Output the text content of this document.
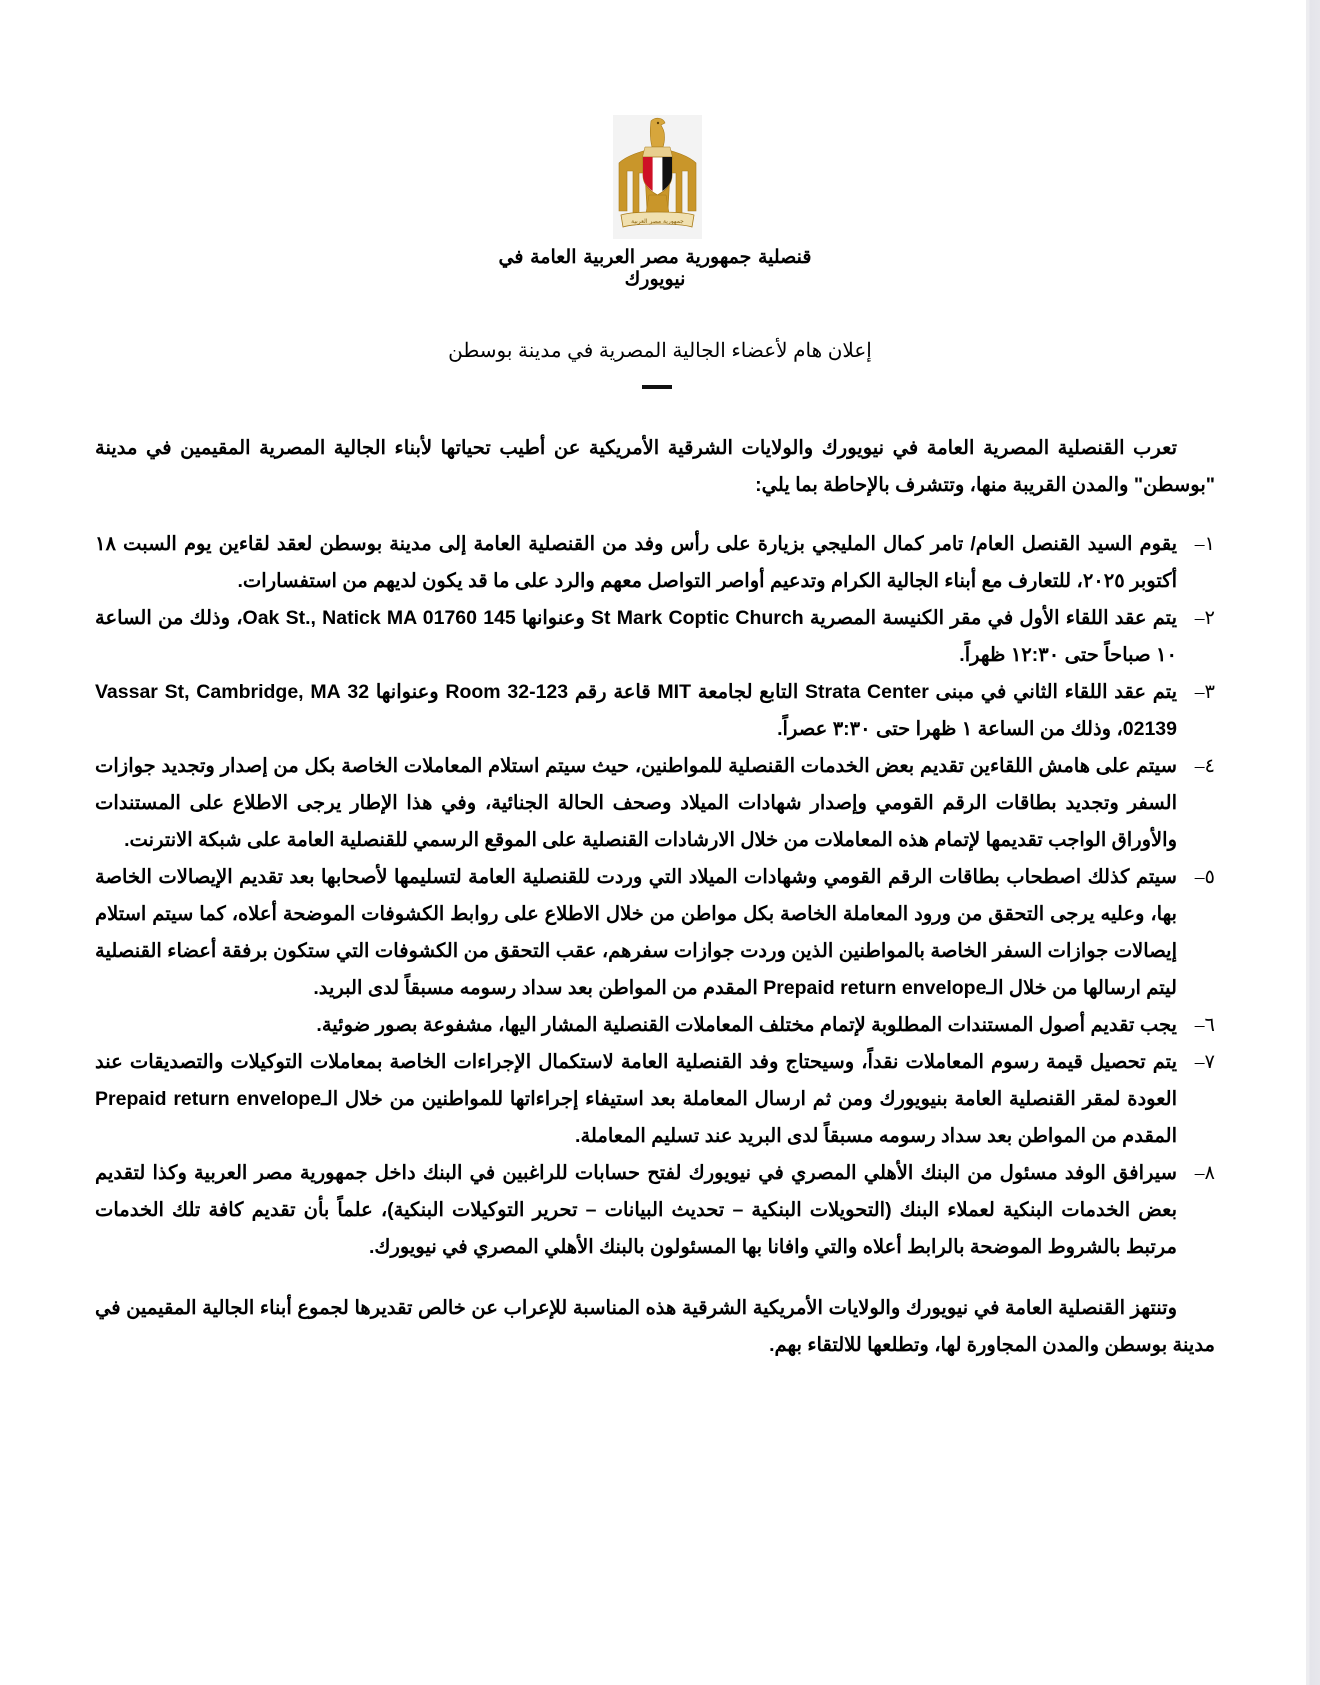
جمهورية مصر العربية
قنصلية جمهورية مصر العربية العامة في نيويورك
إعلان هام لأعضاء الجالية المصرية في مدينة بوسطن

تعرب القنصلية المصرية العامة في نيويورك والولايات الشرقية الأمريكية عن أطيب تحياتها لأبناء الجالية المصرية المقيمين في مدينة "بوسطن" والمدن القريبة منها، وتتشرف بالإحاطة بما يلي:

١–
يقوم السيد القنصل العام/ تامر كمال المليجي بزيارة على رأس وفد من القنصلية العامة إلى مدينة بوسطن لعقد لقاءين يوم السبت ١٨ أكتوبر ٢٠٢٥، للتعارف مع أبناء الجالية الكرام وتدعيم أواصر التواصل معهم والرد على ما قد يكون لديهم من استفسارات.
٢–
يتم عقد اللقاء الأول في مقر الكنيسة المصرية St Mark Coptic Church وعنوانها 145 Oak St., Natick MA 01760، وذلك من الساعة ١٠ صباحاً حتى ١٢:٣٠ ظهراً.
٣–
يتم عقد اللقاء الثاني في مبنى Strata Center التابع لجامعة MIT قاعة رقم Room 32-123 وعنوانها 32 Vassar St, Cambridge, MA 02139، وذلك من الساعة ١ ظهرا حتى ٣:٣٠ عصراً.
٤–
سيتم على هامش اللقاءين تقديم بعض الخدمات القنصلية للمواطنين، حيث سيتم استلام المعاملات الخاصة بكل من إصدار وتجديد جوازات السفر وتجديد بطاقات الرقم القومي وإصدار شهادات الميلاد وصحف الحالة الجنائية، وفي هذا الإطار يرجى الاطلاع على المستندات والأوراق الواجب تقديمها لإتمام هذه المعاملات من خلال الارشادات القنصلية على الموقع الرسمي للقنصلية العامة على شبكة الانترنت.
٥–
سيتم كذلك اصطحاب بطاقات الرقم القومي وشهادات الميلاد التي وردت للقنصلية العامة لتسليمها لأصحابها بعد تقديم الإيصالات الخاصة بها، وعليه يرجى التحقق من ورود المعاملة الخاصة بكل مواطن من خلال الاطلاع على روابط الكشوفات الموضحة أعلاه، كما سيتم استلام إيصالات جوازات السفر الخاصة بالمواطنين الذين وردت جوازات سفرهم، عقب التحقق من الكشوفات التي ستكون برفقة أعضاء القنصلية ليتم ارسالها من خلال الـPrepaid return envelope المقدم من المواطن بعد سداد رسومه مسبقاً لدى البريد.
٦–
يجب تقديم أصول المستندات المطلوبة لإتمام مختلف المعاملات القنصلية المشار اليها، مشفوعة بصور ضوئية.
٧–
يتم تحصيل قيمة رسوم المعاملات نقداً، وسيحتاج وفد القنصلية العامة لاستكمال الإجراءات الخاصة بمعاملات التوكيلات والتصديقات عند العودة لمقر القنصلية العامة بنيويورك ومن ثم ارسال المعاملة بعد استيفاء إجراءاتها للمواطنين من خلال الـPrepaid return envelope المقدم من المواطن بعد سداد رسومه مسبقاً لدى البريد عند تسليم المعاملة.
٨–
سيرافق الوفد مسئول من البنك الأهلي المصري في نيويورك لفتح حسابات للراغبين في البنك داخل جمهورية مصر العربية وكذا لتقديم بعض الخدمات البنكية لعملاء البنك (التحويلات البنكية – تحديث البيانات – تحرير التوكيلات البنكية)، علماً بأن تقديم كافة تلك الخدمات مرتبط بالشروط الموضحة بالرابط أعلاه والتي وافانا بها المسئولون بالبنك الأهلي المصري في نيويورك.

وتنتهز القنصلية العامة في نيويورك والولايات الأمريكية الشرقية هذه المناسبة للإعراب عن خالص تقديرها لجموع أبناء الجالية المقيمين في مدينة بوسطن والمدن المجاورة لها، وتطلعها للالتقاء بهم.
